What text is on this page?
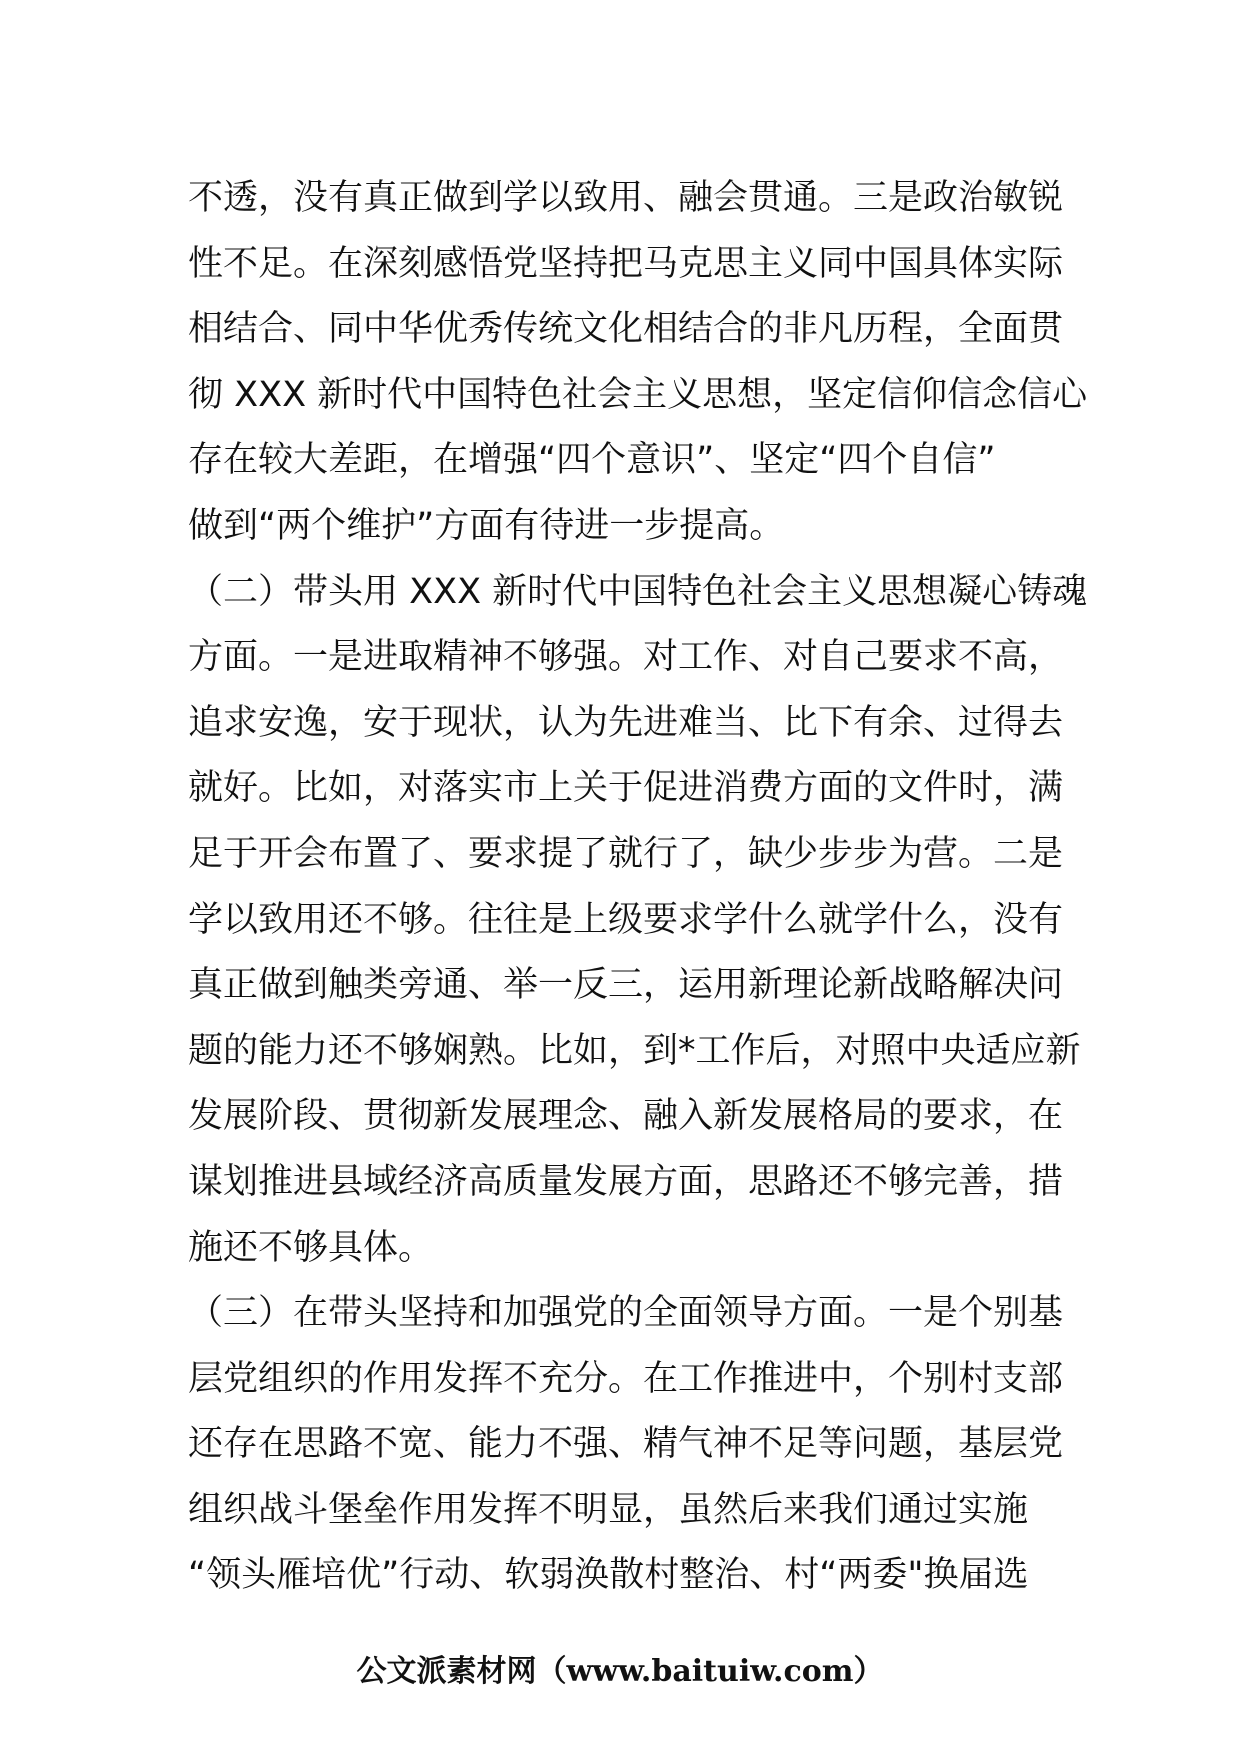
不透，没有真正做到学以致用、融会贯通。三是政治敏锐
性不足。在深刻感悟党坚持把马克思主义同中国具体实际
相结合、同中华优秀传统文化相结合的非凡历程，全面贯
彻 XXX 新时代中国特色社会主义思想，坚定信仰信念信心
存在较大差距，在增强“四个意识”、坚定“四个自信”
做到“两个维护”方面有待进一步提高。
（二）带头用 XXX 新时代中国特色社会主义思想凝心铸魂
方面。一是进取精神不够强。对工作、对自己要求不高，
追求安逸，安于现状，认为先进难当、比下有余、过得去
就好。比如，对落实市上关于促进消费方面的文件时，满
足于开会布置了、要求提了就行了，缺少步步为营。二是
学以致用还不够。往往是上级要求学什么就学什么，没有
真正做到触类旁通、举一反三，运用新理论新战略解决问
题的能力还不够娴熟。比如，到*工作后，对照中央适应新
发展阶段、贯彻新发展理念、融入新发展格局的要求，在
谋划推进县域经济高质量发展方面，思路还不够完善，措
施还不够具体。
（三）在带头坚持和加强党的全面领导方面。一是个别基
层党组织的作用发挥不充分。在工作推进中，个别村支部
还存在思路不宽、能力不强、精气神不足等问题，基层党
组织战斗堡垒作用发挥不明显，虽然后来我们通过实施
“领头雁培优”行动、软弱涣散村整治、村“两委"换届选
公文派素材网（www.baituiw.com）
